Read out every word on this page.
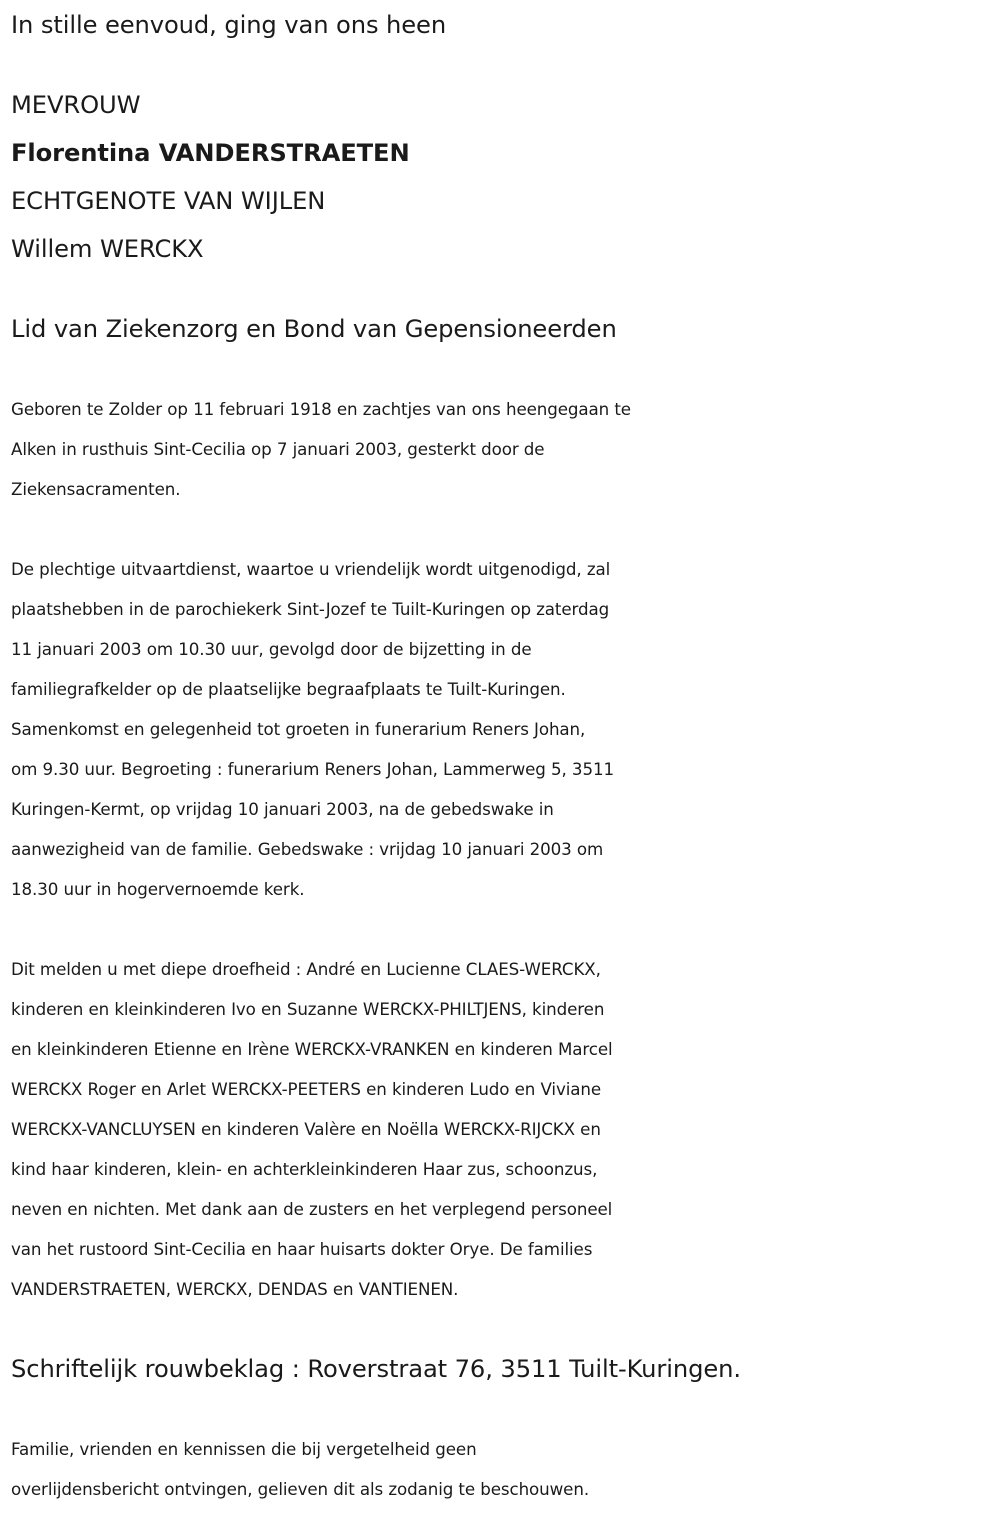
In stille eenvoud, ging van ons heen
MEVROUW
Florentina VANDERSTRAETEN
ECHTGENOTE VAN WIJLEN
Willem WERCKX
Lid van Ziekenzorg en Bond van Gepensioneerden
Geboren te Zolder op 11 februari 1918 en zachtjes van ons heengegaan te
Alken in rusthuis Sint-Cecilia op 7 januari 2003, gesterkt door de
Ziekensacramenten.
De plechtige uitvaartdienst, waartoe u vriendelijk wordt uitgenodigd, zal
plaatshebben in de parochiekerk Sint-Jozef te Tuilt-Kuringen op zaterdag
11 januari 2003 om 10.30 uur, gevolgd door de bijzetting in de
familiegrafkelder op de plaatselijke begraafplaats te Tuilt-Kuringen.
Samenkomst en gelegenheid tot groeten in funerarium Reners Johan,
om 9.30 uur. Begroeting : funerarium Reners Johan, Lammerweg 5, 3511
Kuringen-Kermt, op vrijdag 10 januari 2003, na de gebedswake in
aanwezigheid van de familie. Gebedswake : vrijdag 10 januari 2003 om
18.30 uur in hogervernoemde kerk.
Dit melden u met diepe droefheid : André en Lucienne CLAES-WERCKX,
kinderen en kleinkinderen Ivo en Suzanne WERCKX-PHILTJENS, kinderen
en kleinkinderen Etienne en Irène WERCKX-VRANKEN en kinderen Marcel
WERCKX Roger en Arlet WERCKX-PEETERS en kinderen Ludo en Viviane
WERCKX-VANCLUYSEN en kinderen Valère en Noëlla WERCKX-RIJCKX en
kind haar kinderen, klein- en achterkleinkinderen Haar zus, schoonzus,
neven en nichten. Met dank aan de zusters en het verplegend personeel
van het rustoord Sint-Cecilia en haar huisarts dokter Orye. De families
VANDERSTRAETEN, WERCKX, DENDAS en VANTIENEN.
Schriftelijk rouwbeklag : Roverstraat 76, 3511 Tuilt-Kuringen.
Familie, vrienden en kennissen die bij vergetelheid geen
overlijdensbericht ontvingen, gelieven dit als zodanig te beschouwen.
